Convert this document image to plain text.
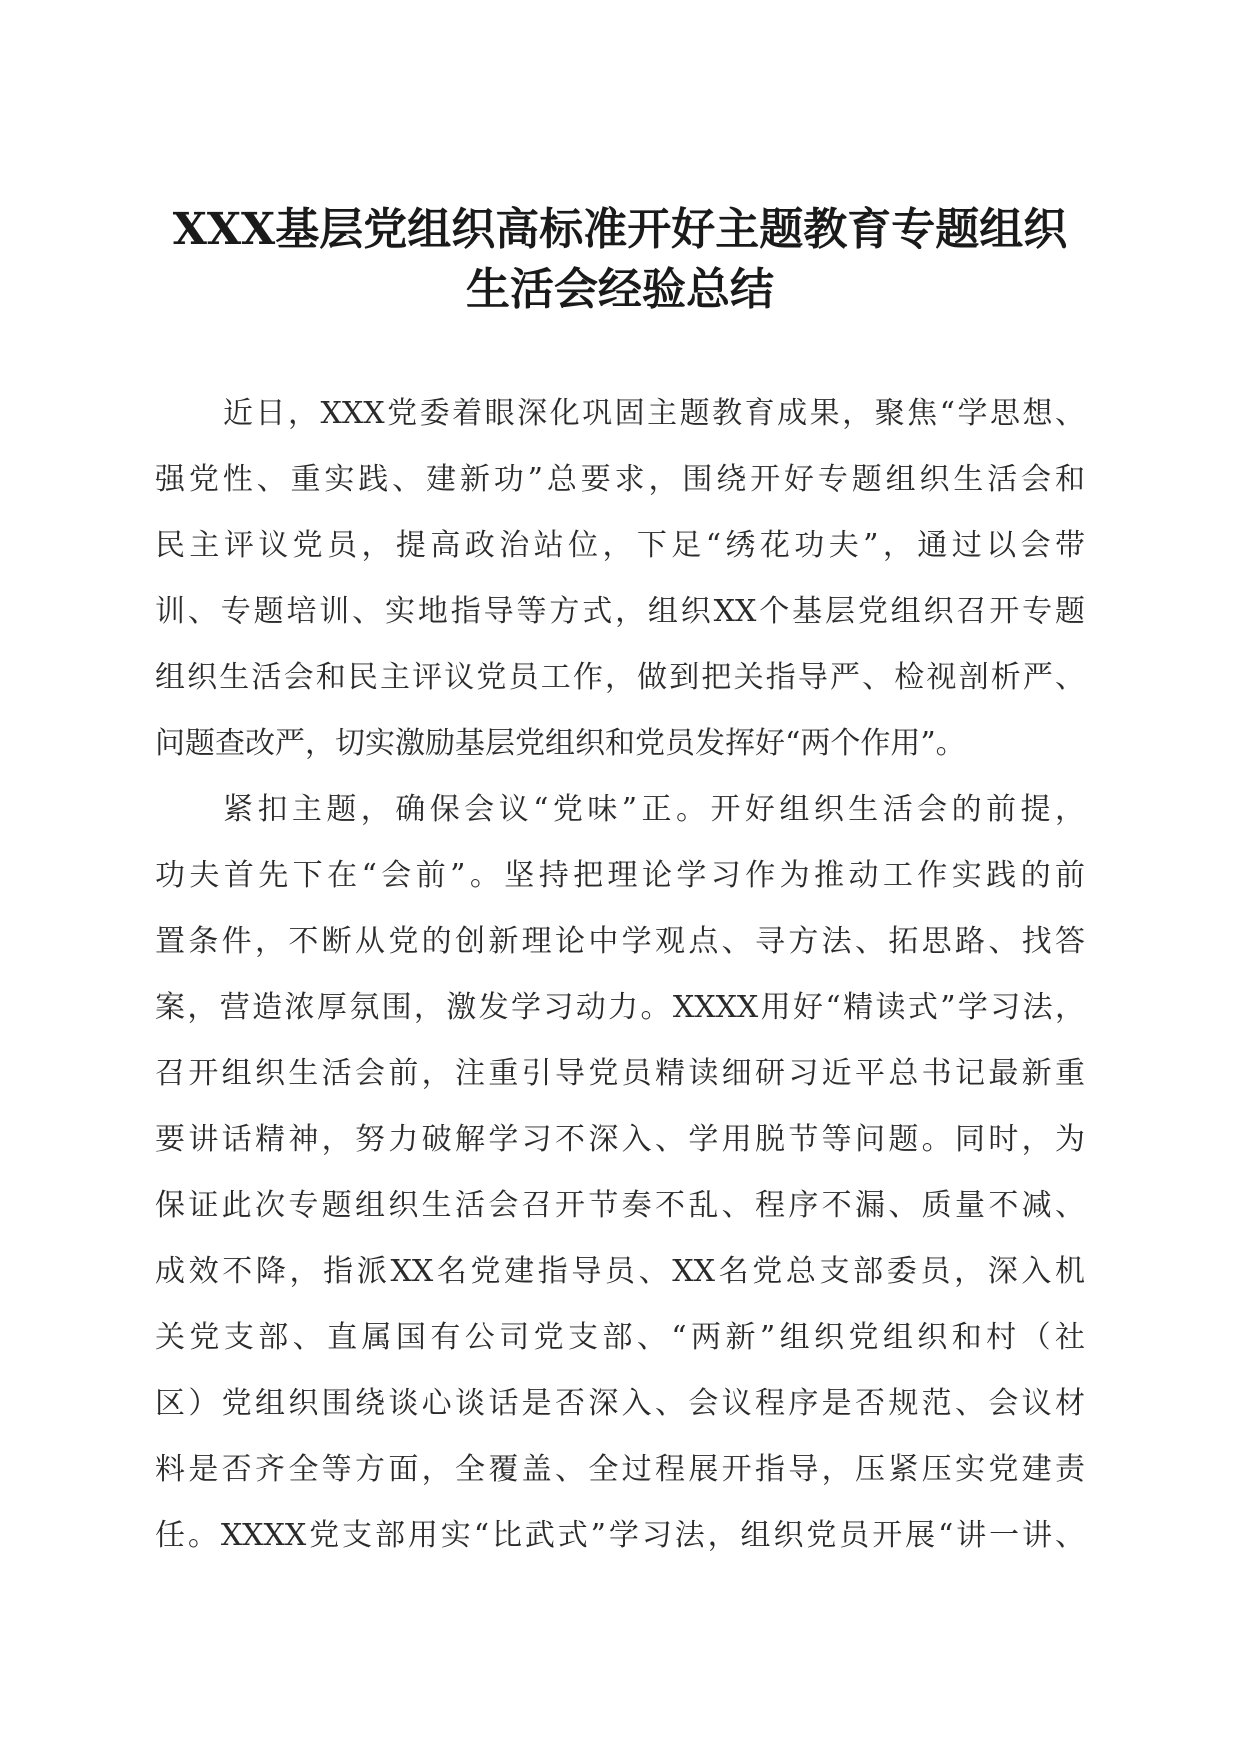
XXX基层党组织高标准开好主题教育专题组织
生活会经验总结
近日，XXX党委着眼深化巩固主题教育成果，聚焦“学思想、
强党性、重实践、建新功”总要求，围绕开好专题组织生活会和
民主评议党员，提高政治站位，下足“绣花功夫”，通过以会带
训、专题培训、实地指导等方式，组织XX个基层党组织召开专题
组织生活会和民主评议党员工作，做到把关指导严、检视剖析严、
问题查改严，切实激励基层党组织和党员发挥好“两个作用”。
紧扣主题，确保会议“党味”正。开好组织生活会的前提，
功夫首先下在“会前”。坚持把理论学习作为推动工作实践的前
置条件，不断从党的创新理论中学观点、寻方法、拓思路、找答
案，营造浓厚氛围，激发学习动力。XXXX用好“精读式”学习法，
召开组织生活会前，注重引导党员精读细研习近平总书记最新重
要讲话精神，努力破解学习不深入、学用脱节等问题。同时，为
保证此次专题组织生活会召开节奏不乱、程序不漏、质量不减、
成效不降，指派XX名党建指导员、XX名党总支部委员，深入机
关党支部、直属国有公司党支部、“两新”组织党组织和村（社
区）党组织围绕谈心谈话是否深入、会议程序是否规范、会议材
料是否齐全等方面，全覆盖、全过程展开指导，压紧压实党建责
任。XXXX党支部用实“比武式”学习法，组织党员开展“讲一讲、
